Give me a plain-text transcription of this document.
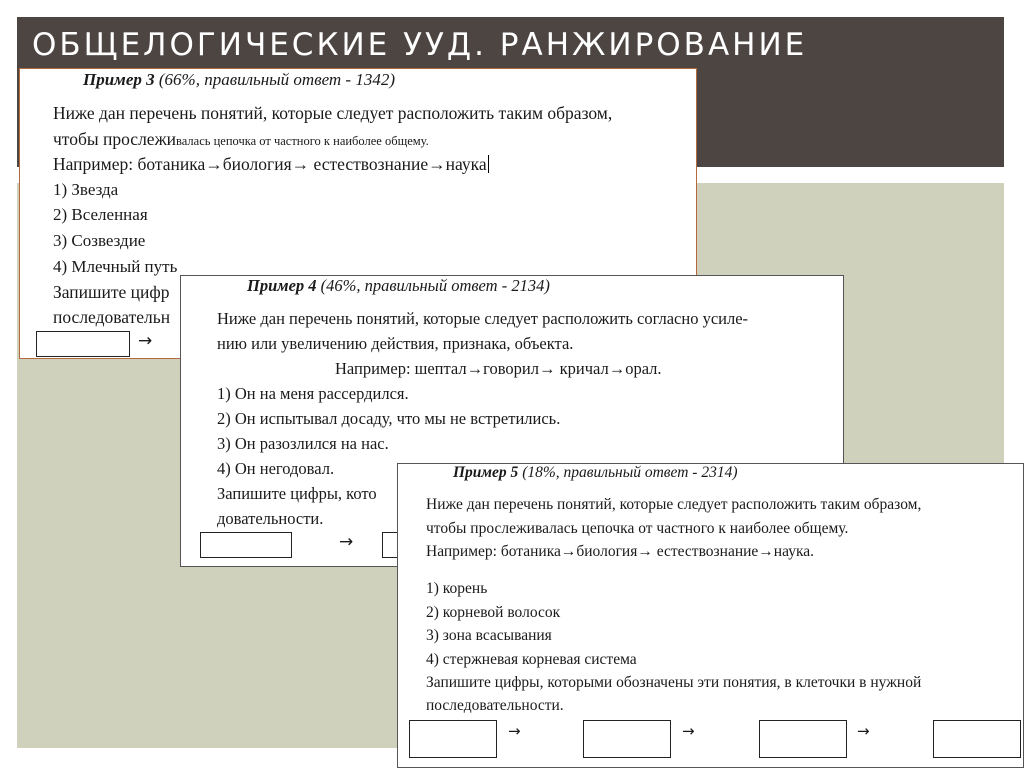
ОБЩЕЛОГИЧЕСКИЕ УУД. РАНЖИРОВАНИЕ

Пример 3 (66%, правильный ответ - 1342)

Ниже дан перечень понятий, которые следует расположить таким образом,

чтобы прослеживалась цепочка от частного к наиболее общему.

Например: ботаника→биология→ естествознание→наука

1) Звезда

2) Вселенная

3) Созвездие

4) Млечный путь

Запишите цифр

последовательн

→

Пример 4 (46%, правильный ответ - 2134)

Ниже дан перечень понятий, которые следует расположить согласно усиле-

нию или увеличению действия, признака, объекта.

Например: шептал→говорил→ кричал→орал.

1) Он на меня рассердился.

2) Он испытывал досаду, что мы не встретились.

3) Он разозлился на нас.

4) Он негодовал.

Запишите цифры, кото

довательности.

→

Пример 5 (18%, правильный ответ - 2314)

Ниже дан перечень понятий, которые следует расположить таким образом,

чтобы прослеживалась цепочка от частного к наиболее общему.

Например: ботаника→биология→ естествознание→наука.

1) корень

2) корневой волосок

3) зона всасывания

4) стержневая корневая система

Запишите цифры, которыми обозначены эти понятия, в клеточки в нужной

последовательности.

→	→	→
